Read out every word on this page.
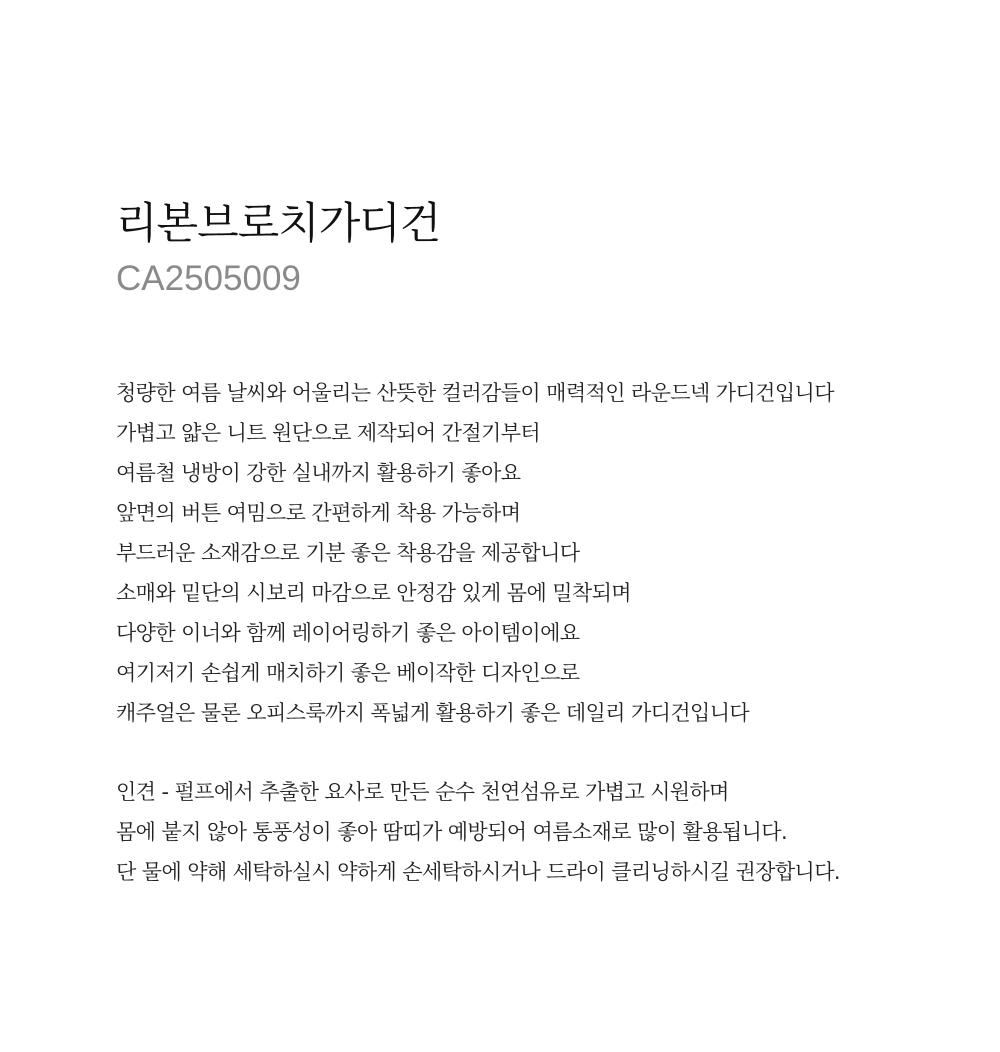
리본브로치가디건
CA2505009
청량한 여름 날씨와 어울리는 산뜻한 컬러감들이 매력적인 라운드넥 가디건입니다
가볍고 얇은 니트 원단으로 제작되어 간절기부터
여름철 냉방이 강한 실내까지 활용하기 좋아요
앞면의 버튼 여밈으로 간편하게 착용 가능하며
부드러운 소재감으로 기분 좋은 착용감을 제공합니다
소매와 밑단의 시보리 마감으로 안정감 있게 몸에 밀착되며
다양한 이너와 함께 레이어링하기 좋은 아이템이에요
여기저기 손쉽게 매치하기 좋은 베이작한 디자인으로
캐주얼은 물론 오피스룩까지 폭넓게 활용하기 좋은 데일리 가디건입니다
인견 - 펄프에서 추출한 요사로 만든 순수 천연섬유로 가볍고 시원하며
몸에 붙지 않아 통풍성이 좋아 땀띠가 예방되어 여름소재로 많이 활용됩니다.
단 물에 약해 세탁하실시 약하게 손세탁하시거나 드라이 클리닝하시길 권장합니다.
